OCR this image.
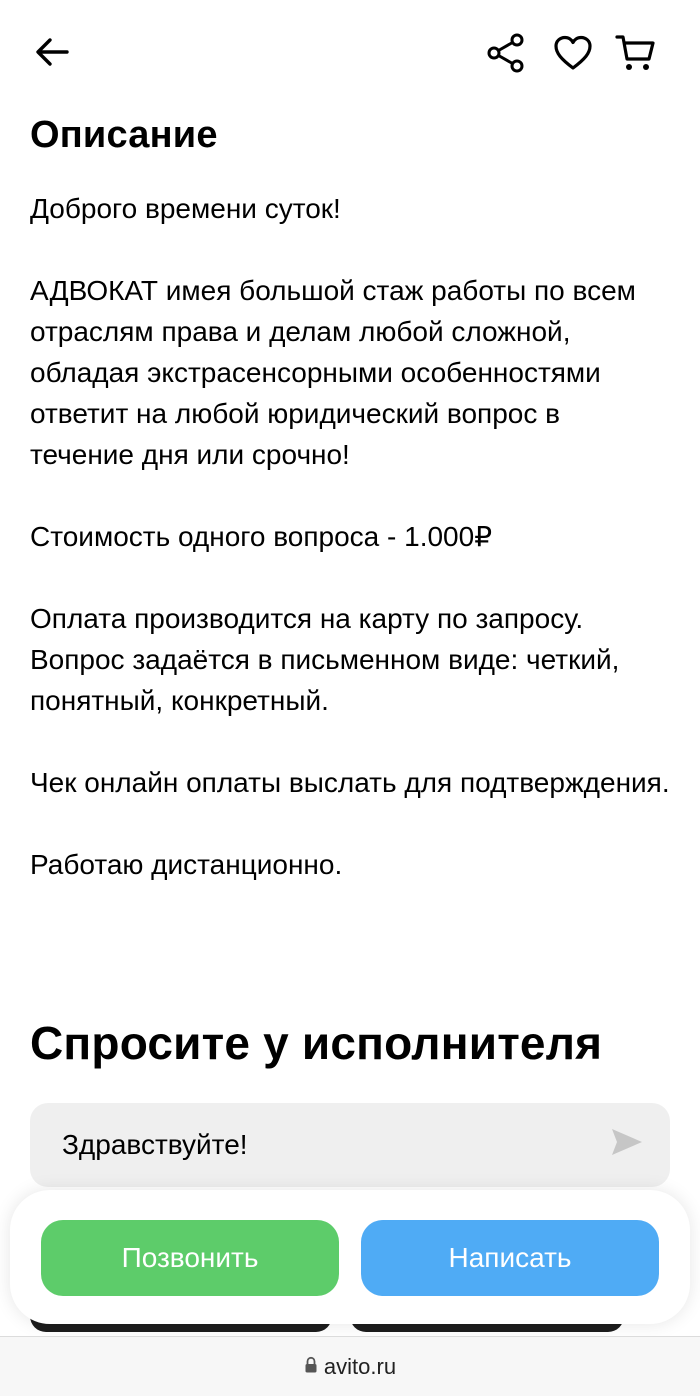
Описание

Доброго времени суток!

АДВОКАТ имея большой стаж работы по всем отраслям права и делам любой сложной, обладая экстрасенсорными особенностями ответит на любой юридический вопрос в течение дня или срочно!

Стоимость одного вопроса - 1.000₽

Оплата производится на карту по запросу. Вопрос задаётся в письменном виде: четкий, понятный, конкретный.

Чек онлайн оплаты выслать для подтверждения.

Работаю дистанционно.

Спросите у исполнителя
Здравствуйте!
Позвонить	Написать
avito.ru
